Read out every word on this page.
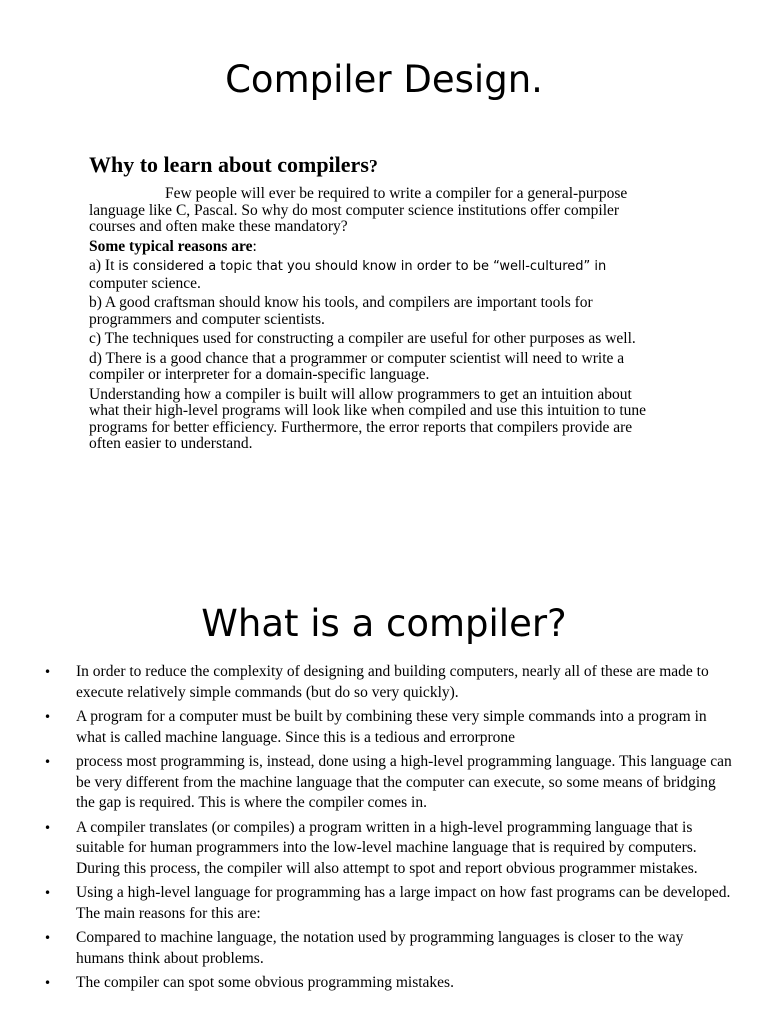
Compiler Design.
Why to learn about compilers?

Few people will ever be required to write a compiler for a general-purpose language like C, Pascal. So why do most computer science institutions offer compiler courses and often make these mandatory?

Some typical reasons are:

a) It is considered a topic that you should know in order to be “well-cultured” in computer science.

b) A good craftsman should know his tools, and compilers are important tools for programmers and computer scientists.

c) The techniques used for constructing a compiler are useful for other purposes as well.

d) There is a good chance that a programmer or computer scientist will need to write a compiler or interpreter for a domain-specific language.

Understanding how a compiler is built will allow programmers to get an intuition about what their high-level programs will look like when compiled and use this intuition to tune programs for better efficiency. Furthermore, the error reports that compilers provide are often easier to understand.

What is a compiler?
• In order to reduce the complexity of designing and building computers, nearly all of these are made to execute relatively simple commands (but do so very quickly).
• A program for a computer must be built by combining these very simple commands into a program in what is called machine language. Since this is a tedious and errorprone
• process most programming is, instead, done using a high-level programming language. This language can be very different from the machine language that the computer can execute, so some means of bridging the gap is required. This is where the compiler comes in.
• A compiler translates (or compiles) a program written in a high-level programming language that is suitable for human programmers into the low-level machine language that is required by computers. During this process, the compiler will also attempt to spot and report obvious programmer mistakes.
• Using a high-level language for programming has a large impact on how fast programs can be developed. The main reasons for this are:
• Compared to machine language, the notation used by programming languages is closer to the way humans think about problems.
• The compiler can spot some obvious programming mistakes.
